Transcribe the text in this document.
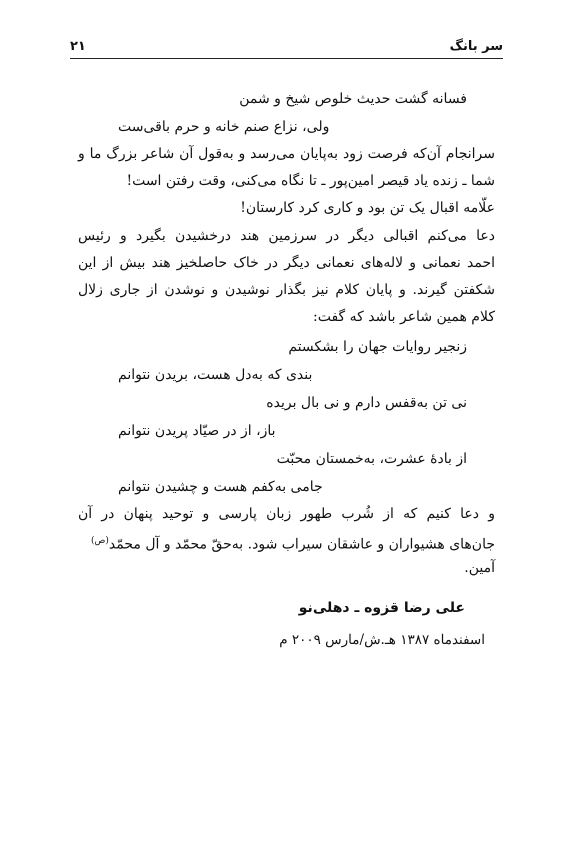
سر بانگ
۲۱
فسانه گشت حدیث خلوص شیخ و شمن
ولی، نزاع صنم خانه و حرم باقی‌ست
سرانجام آن‌که فرصت زود به‌پایان می‌رسد و به‌قول آن شاعر بزرگ ما و
شما ـ زنده یاد قیصر امین‌پور ـ تا نگاه می‌کنی، وقت رفتن است!
علّامه اقبال یک تن بود و کاری کرد کارستان!
دعا می‌کنم اقبالی دیگر در سرزمین هند درخشیدن بگیرد و رئیس
احمد نعمانی و لاله‌های نعمانی دیگر در خاک حاصلخیز هند بیش از این
شکفتن گیرند. و پایان کلام نیز بگذار نوشیدن و نوشدن از جاری زلال
کلام همین شاعر باشد که گفت:
زنجیر روایات جهان را بشکستم
بندی که به‌دل هست، بریدن نتوانم
نی تن به‌قفس دارم و نی بال بریده
باز، از در صیّاد پریدن نتوانم
از بادهٔ عشرت، به‌خمستان محبّت
جامی به‌کفم هست و چشیدن نتوانم
و دعا کنیم که از شُرب طهور زبان پارسی و توحید پنهان در آن
جان‌های هشیواران و عاشقان سیراب شود. به‌حقّ محمّد و آل محمّد$^{(ص)}$
آمین.
علی رضا قزوه ـ دهلی‌نو
اسفندماه ۱۳۸۷ هـ.ش/مارس ۲۰۰۹ م
